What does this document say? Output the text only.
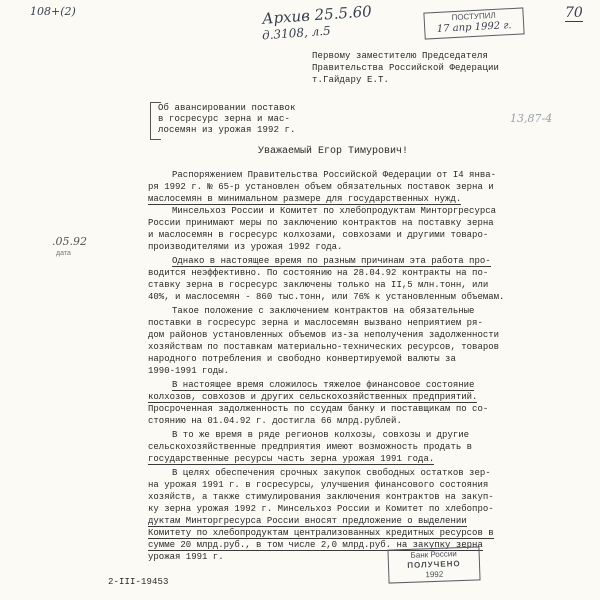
108+(2)	Архив 25.5.60
д.3108, л.5
70
13,87-4
.05.92
дата
ПОСТУПИЛ
17 апр 1992 г.
Первому заместителю Председателя
Правительства Российской Федерации
т.Гайдару Е.Т.
Об авансировании поставок
в госресурс зерна и мас-
лосемян из урожая 1992 г.
Уважаемый Егор Тимурович!
Распоряжением Правительства Российской Федерации от I4 янва-
ря 1992 г. № 65-р установлен объем обязательных поставок зерна и
маслосемян в минимальном размере для государственных нужд.
Минсельхоз России и Комитет по хлебопродуктам Минторгресурса
России принимают меры по заключению контрактов на поставку зерна
и маслосемян в госресурс колхозами, совхозами и другими товаро-
производителями из урожая 1992 года.
Однако в настоящее время по разным причинам эта работа про-
водится неэффективно. По состоянию на 28.04.92 контракты на по-
ставку зерна в госресурс заключены только на II,5 млн.тонн, или
40%, и маслосемян - 860 тыс.тонн, или 76% к установленным объемам.
Такое положение с заключением контрактов на обязательные
поставки в госресурс зерна и маслосемян вызвано неприятием ря-
дом районов установленных объемов из-за неполучения задолженности
хозяйствам по поставкам материально-технических ресурсов, товаров
народного потребления и свободно конвертируемой валюты за
1990-1991 годы.
В настоящее время сложилось тяжелое финансовое состояние
колхозов, совхозов и других сельскохозяйственных предприятий.
Просроченная задолженность по ссудам банку и поставщикам по со-
стоянию на 01.04.92 г. достигла 66 млрд.рублей.
В то же время в ряде регионов колхозы, совхозы и другие
сельскохозяйственные предприятия имеют возможность продать в
государственные ресурсы часть зерна урожая 1991 года.
В целях обеспечения срочных закупок свободных остатков зер-
на урожая 1991 г. в госресурсы, улучшения финансового состояния
хозяйств, а также стимулирования заключения контрактов на закуп-
ку зерна урожая 1992 г. Минсельхоз России и Комитет по хлебопро-
дуктам Минторгресурса России вносят предложение о выделении
Комитету по хлебопродуктам централизованных кредитных ресурсов в
сумме 20 млрд.руб., в том числе 2,0 млрд.руб. на закупку зерна
урожая 1991 г.	Банк России
ПОЛУЧЕНО
1992
2-III-19453
